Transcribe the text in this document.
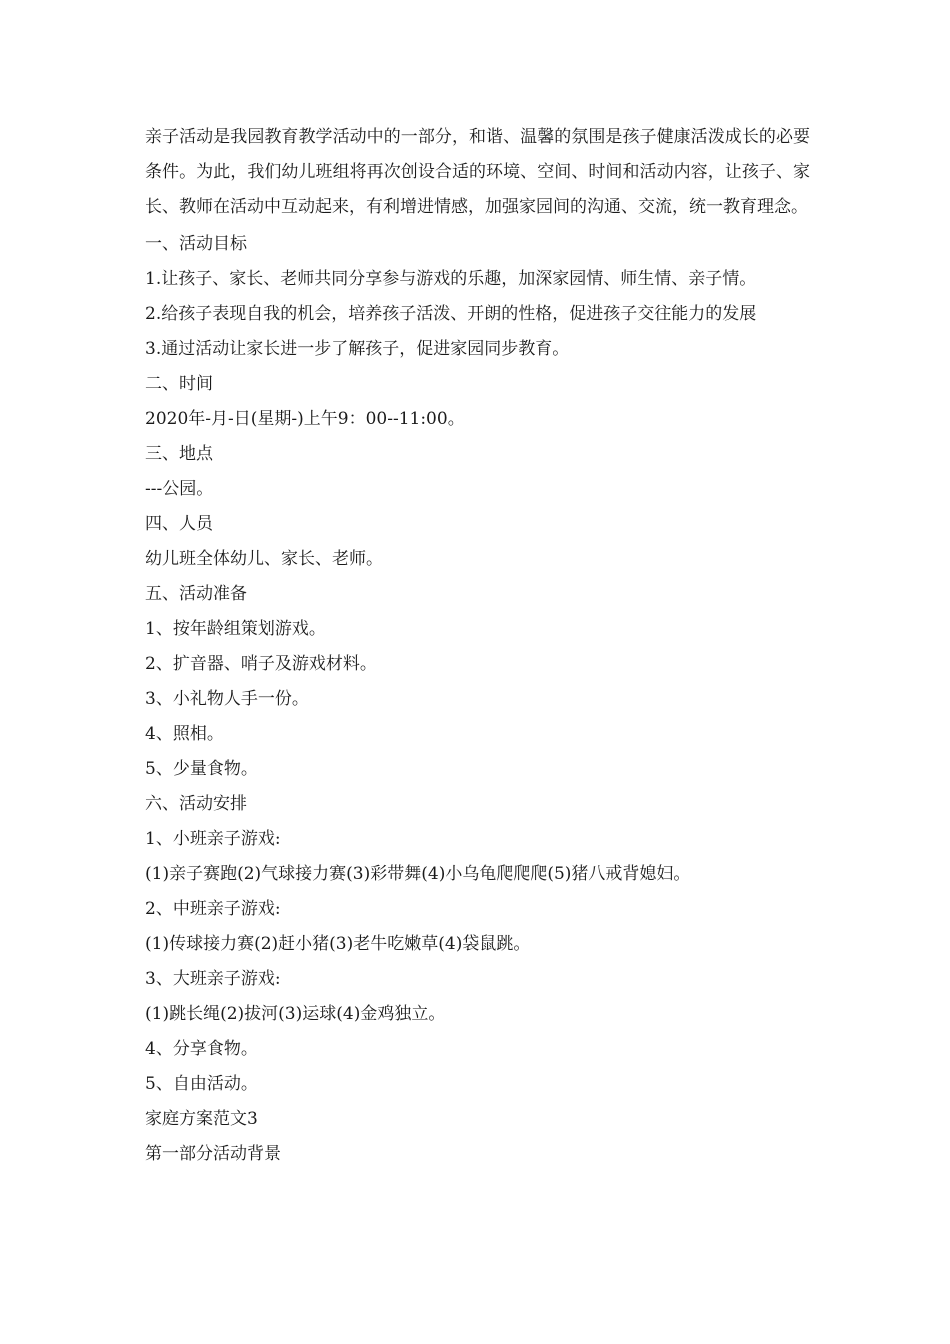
亲子活动是我园教育教学活动中的一部分，和谐、温馨的氛围是孩子健康活泼成长的必要条件。为此，我们幼儿班组将再次创设合适的环境、空间、时间和活动内容，让孩子、家长、教师在活动中互动起来，有利增进情感，加强家园间的沟通、交流，统一教育理念。

一、活动目标

1.让孩子、家长、老师共同分享参与游戏的乐趣，加深家园情、师生情、亲子情。

2.给孩子表现自我的机会，培养孩子活泼、开朗的性格，促进孩子交往能力的发展

3.通过活动让家长进一步了解孩子，促进家园同步教育。

二、时间

2020年-月-日(星期-)上午9：00--11:00。

三、地点

---公园。

四、人员

幼儿班全体幼儿、家长、老师。

五、活动准备

1、按年龄组策划游戏。

2、扩音器、哨子及游戏材料。

3、小礼物人手一份。

4、照相。

5、少量食物。

六、活动安排

1、小班亲子游戏:

(1)亲子赛跑(2)气球接力赛(3)彩带舞(4)小乌龟爬爬爬(5)猪八戒背媳妇。

2、中班亲子游戏:

(1)传球接力赛(2)赶小猪(3)老牛吃嫩草(4)袋鼠跳。

3、大班亲子游戏:

(1)跳长绳(2)拔河(3)运球(4)金鸡独立。

4、分享食物。

5、自由活动。

家庭方案范文3

第一部分活动背景
